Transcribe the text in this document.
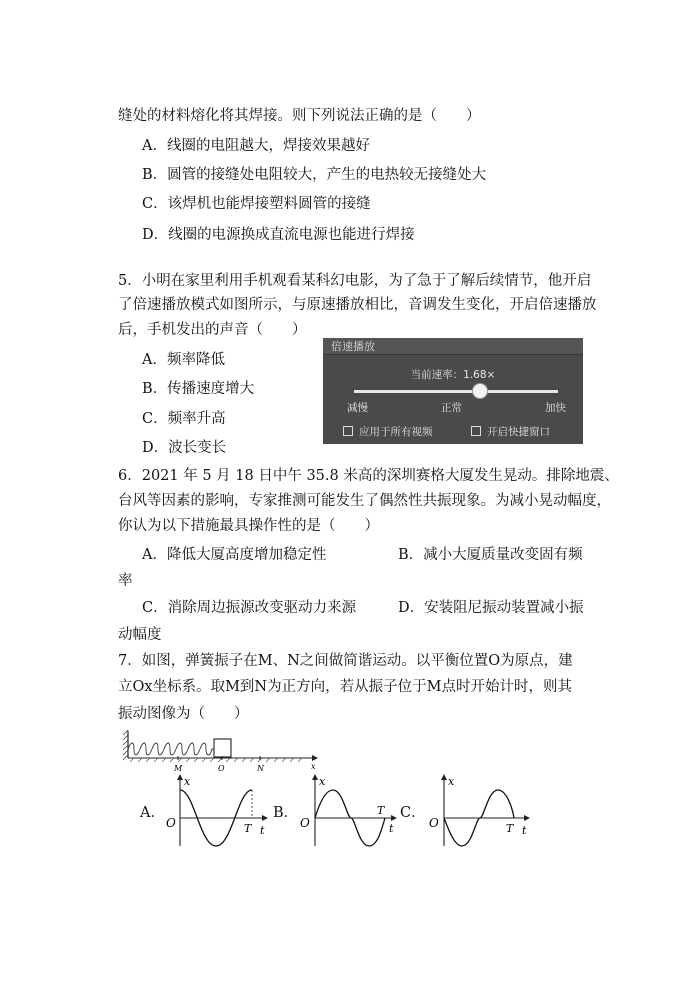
缝处的材料熔化将其焊接。则下列说法正确的是（　　）
A．线圈的电阻越大，焊接效果越好
B．圆管的接缝处电阻较大，产生的电热较无接缝处大
C．该焊机也能焊接塑料圆管的接缝
D．线圈的电源换成直流电源也能进行焊接
5．小明在家里利用手机观看某科幻电影，为了急于了解后续情节，他开启
了倍速播放模式如图所示，与原速播放相比，音调发生变化，开启倍速播放
后，手机发出的声音（　　）
A．频率降低
B．传播速度增大
C．频率升高
D．波长变长
倍速播放
当前速率：1.68×
减慢	正常	加快
应用于所有视频	开启快捷窗口
6．2021 年 5 月 18 日中午 35.8 米高的深圳赛格大厦发生晃动。排除地震、
台风等因素的影响，专家推测可能发生了偶然性共振现象。为减小晃动幅度，
你认为以下措施最具操作性的是（　　）
A．降低大厦高度增加稳定性	B．减小大厦质量改变固有频
率
C．消除周边振源改变驱动力来源	D．安装阻尼振动装置减小振
动幅度
7．如图，弹簧振子在M、N之间做简谐运动。以平衡位置O为原点，建
立Ox坐标系。取M到N为正方向，若从振子位于M点时开始计时，则其
振动图像为（　　）
M	O	N	x
A．
x
O	T t
B．
x
O
T
t
C．
x
O	T t
